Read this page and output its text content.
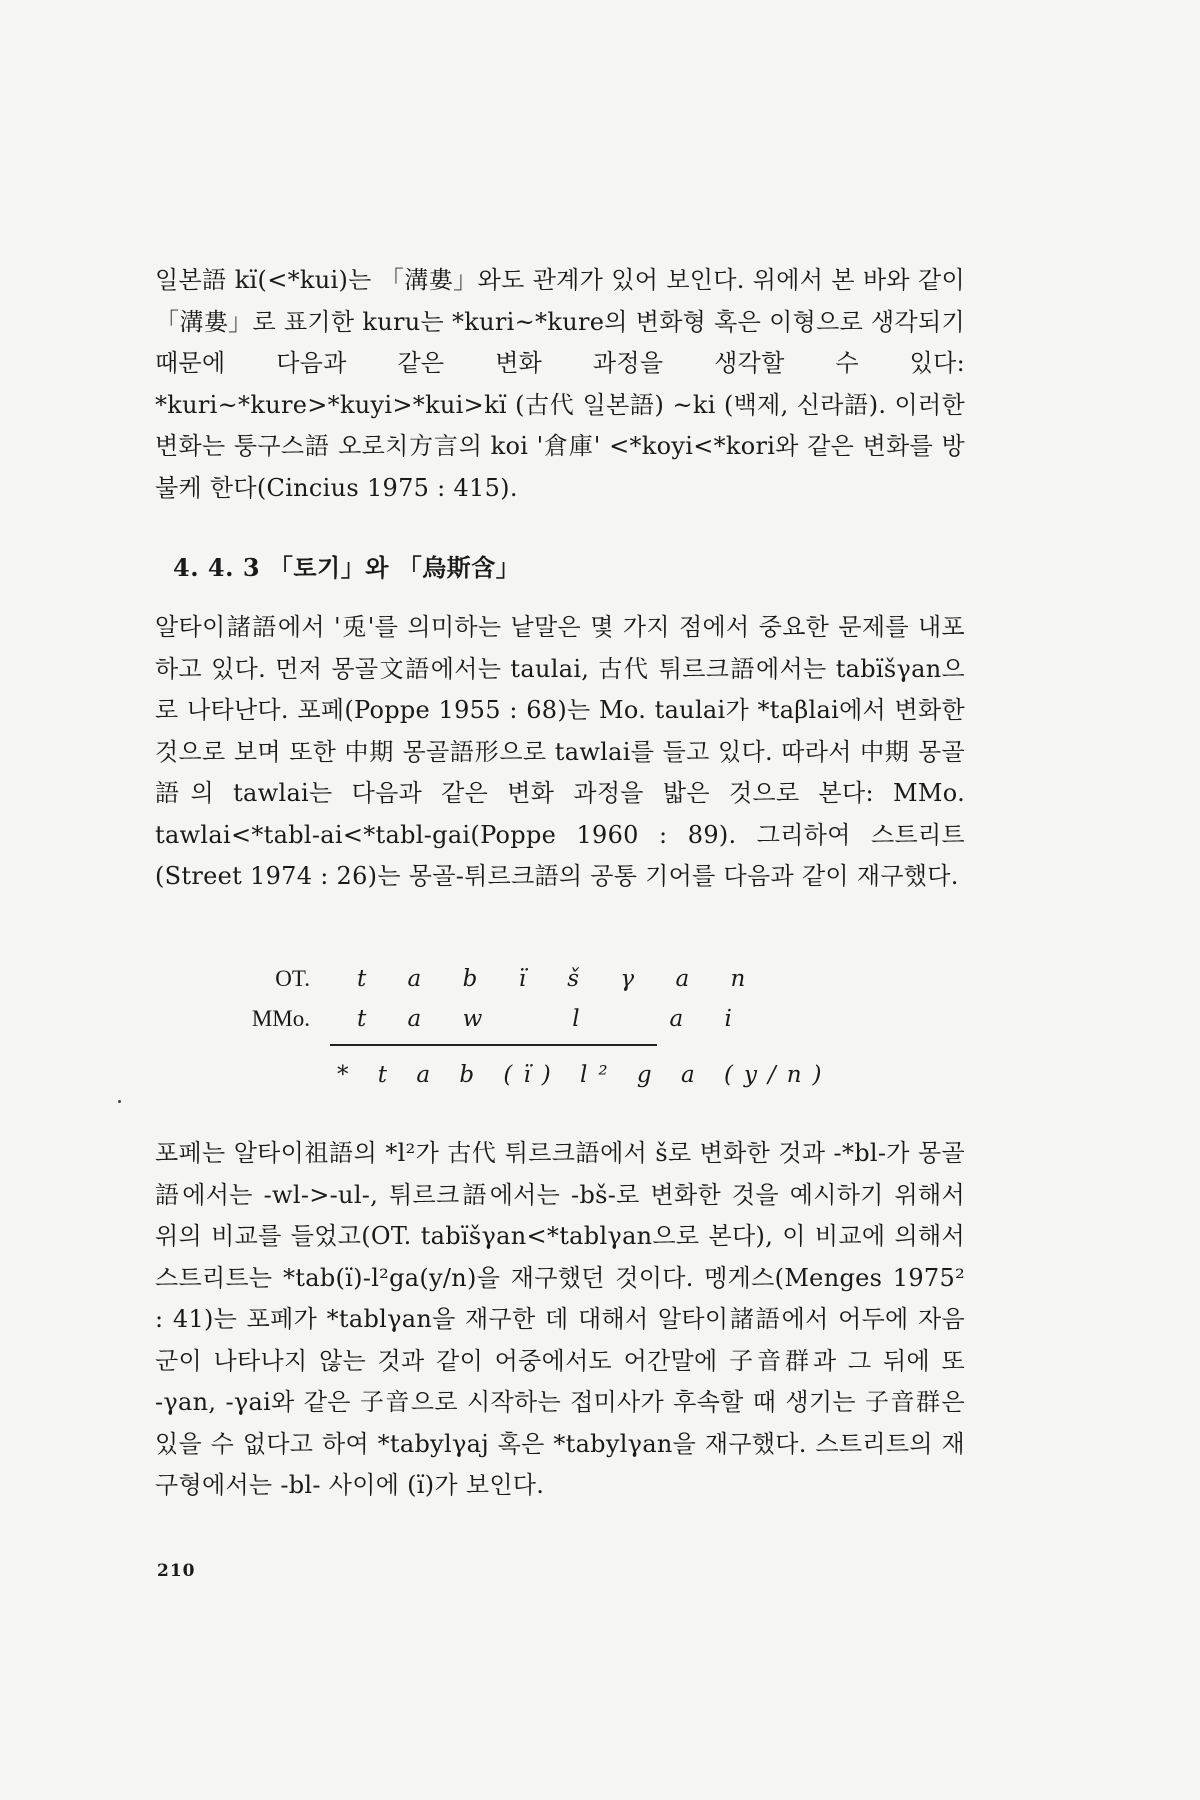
일본語 kï(<*kui)는 「溝婁」와도 관계가 있어 보인다. 위에서 본 바와 같이 「溝婁」로 표기한 kuru는 *kuri~*kure의 변화형 혹은 이형으로 생각되기 때문에 다음과 같은 변화 과정을 생각할 수 있다: *kuri~*kure>*kuyi>*kui>kï (古代 일본語) ~ki (백제, 신라語). 이러한 변화는 퉁구스語 오로치方言의 koi '倉庫' <*koyi<*kori와 같은 변화를 방불케 한다(Cincius 1975 : 415).

4. 4. 3 「토기」와 「烏斯含」

알타이諸語에서 '兎'를 의미하는 낱말은 몇 가지 점에서 중요한 문제를 내포하고 있다. 먼저 몽골文語에서는 taulai, 古代 튀르크語에서는 tabïšγan으로 나타난다. 포페(Poppe 1955 : 68)는 Mo. taulai가 *taβlai에서 변화한 것으로 보며 또한 中期 몽골語形으로 tawlai를 들고 있다. 따라서 中期 몽골語의 tawlai는 다음과 같은 변화 과정을 밟은 것으로 본다: MMo. tawlai<*tabl-ai<*tabl-gai(Poppe 1960 : 89). 그리하여 스트리트(Street 1974 : 26)는 몽골-튀르크語의 공통 기어를 다음과 같이 재구했다.

OT. t a b ï š γ a n
MMo. t a w   l   a i
* t a b (ï) l² g a (y/n)

포페는 알타이祖語의 *l²가 古代 튀르크語에서 š로 변화한 것과 -*bl-가 몽골語에서는 -wl->-ul-, 튀르크語에서는 -bš-로 변화한 것을 예시하기 위해서 위의 비교를 들었고(OT. tabïšγan<*tablγan으로 본다), 이 비교에 의해서 스트리트는 *tab(ï)-l²ga(y/n)을 재구했던 것이다. 멩게스(Menges 1975² : 41)는 포페가 *tablγan을 재구한 데 대해서 알타이諸語에서 어두에 자음군이 나타나지 않는 것과 같이 어중에서도 어간말에 子音群과 그 뒤에 또 -γan, -γai와 같은 子音으로 시작하는 접미사가 후속할 때 생기는 子音群은 있을 수 없다고 하여 *tabylγaj 혹은 *tabylγan을 재구했다. 스트리트의 재구형에서는 -bl- 사이에 (ï)가 보인다.

210
